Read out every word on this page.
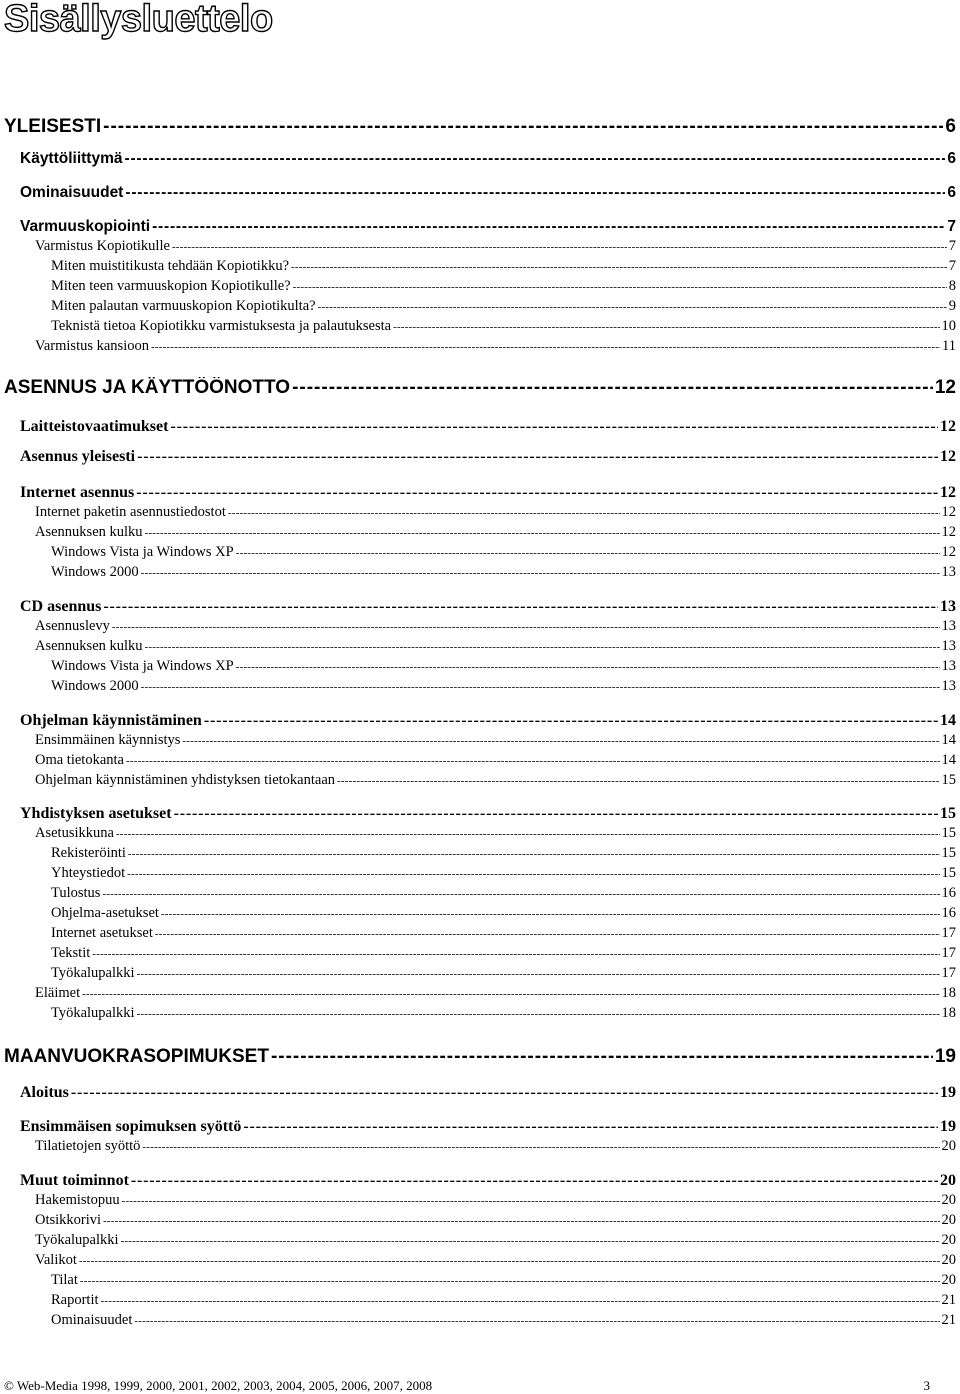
Sisällysluettelo
YLEISESTI -----	6
Käyttöliittymä -----	6
Ominaisuudet -----	6
Varmuuskopiointi -----	7
Varmistus Kopiotikulle -----	7
Miten muistitikusta tehdään Kopiotikku? -----	7
Miten teen varmuuskopion Kopiotikulle? -----	8
Miten palautan varmuuskopion Kopiotikulta? -----	9
Teknistä tietoa Kopiotikku varmistuksesta ja palautuksesta -----	10
Varmistus kansioon -----	11
ASENNUS JA KÄYTTÖÖNOTTO -----	12
Laitteistovaatimukset -----	12
Asennus yleisesti -----	12
Internet asennus -----	12
Internet paketin asennustiedostot -----	12
Asennuksen kulku -----	12
Windows Vista ja Windows XP -----	12
Windows 2000 -----	13
CD asennus -----	13
Asennuslevy -----	13
Asennuksen kulku -----	13
Windows Vista ja Windows XP -----	13
Windows 2000 -----	13
Ohjelman käynnistäminen -----	14
Ensimmäinen käynnistys -----	14
Oma tietokanta -----	14
Ohjelman käynnistäminen yhdistyksen tietokantaan -----	15
Yhdistyksen asetukset -----	15
Asetusikkuna -----	15
Rekisteröinti -----	15
Yhteystiedot -----	15
Tulostus -----	16
Ohjelma-asetukset -----	16
Internet asetukset -----	17
Tekstit -----	17
Työkalupalkki -----	17
Eläimet -----	18
Työkalupalkki -----	18
MAANVUOKRASOPIMUKSET -----	19
Aloitus -----	19
Ensimmäisen sopimuksen syöttö -----	19
Tilatietojen syöttö -----	20
Muut toiminnot -----	20
Hakemistopuu -----	20
Otsikkorivi -----	20
Työkalupalkki -----	20
Valikot -----	20
Tilat -----	20
Raportit -----	21
Ominaisuudet -----	21
© Web-Media 1998, 1999, 2000, 2001, 2002, 2003, 2004, 2005, 2006, 2007, 2008	3
